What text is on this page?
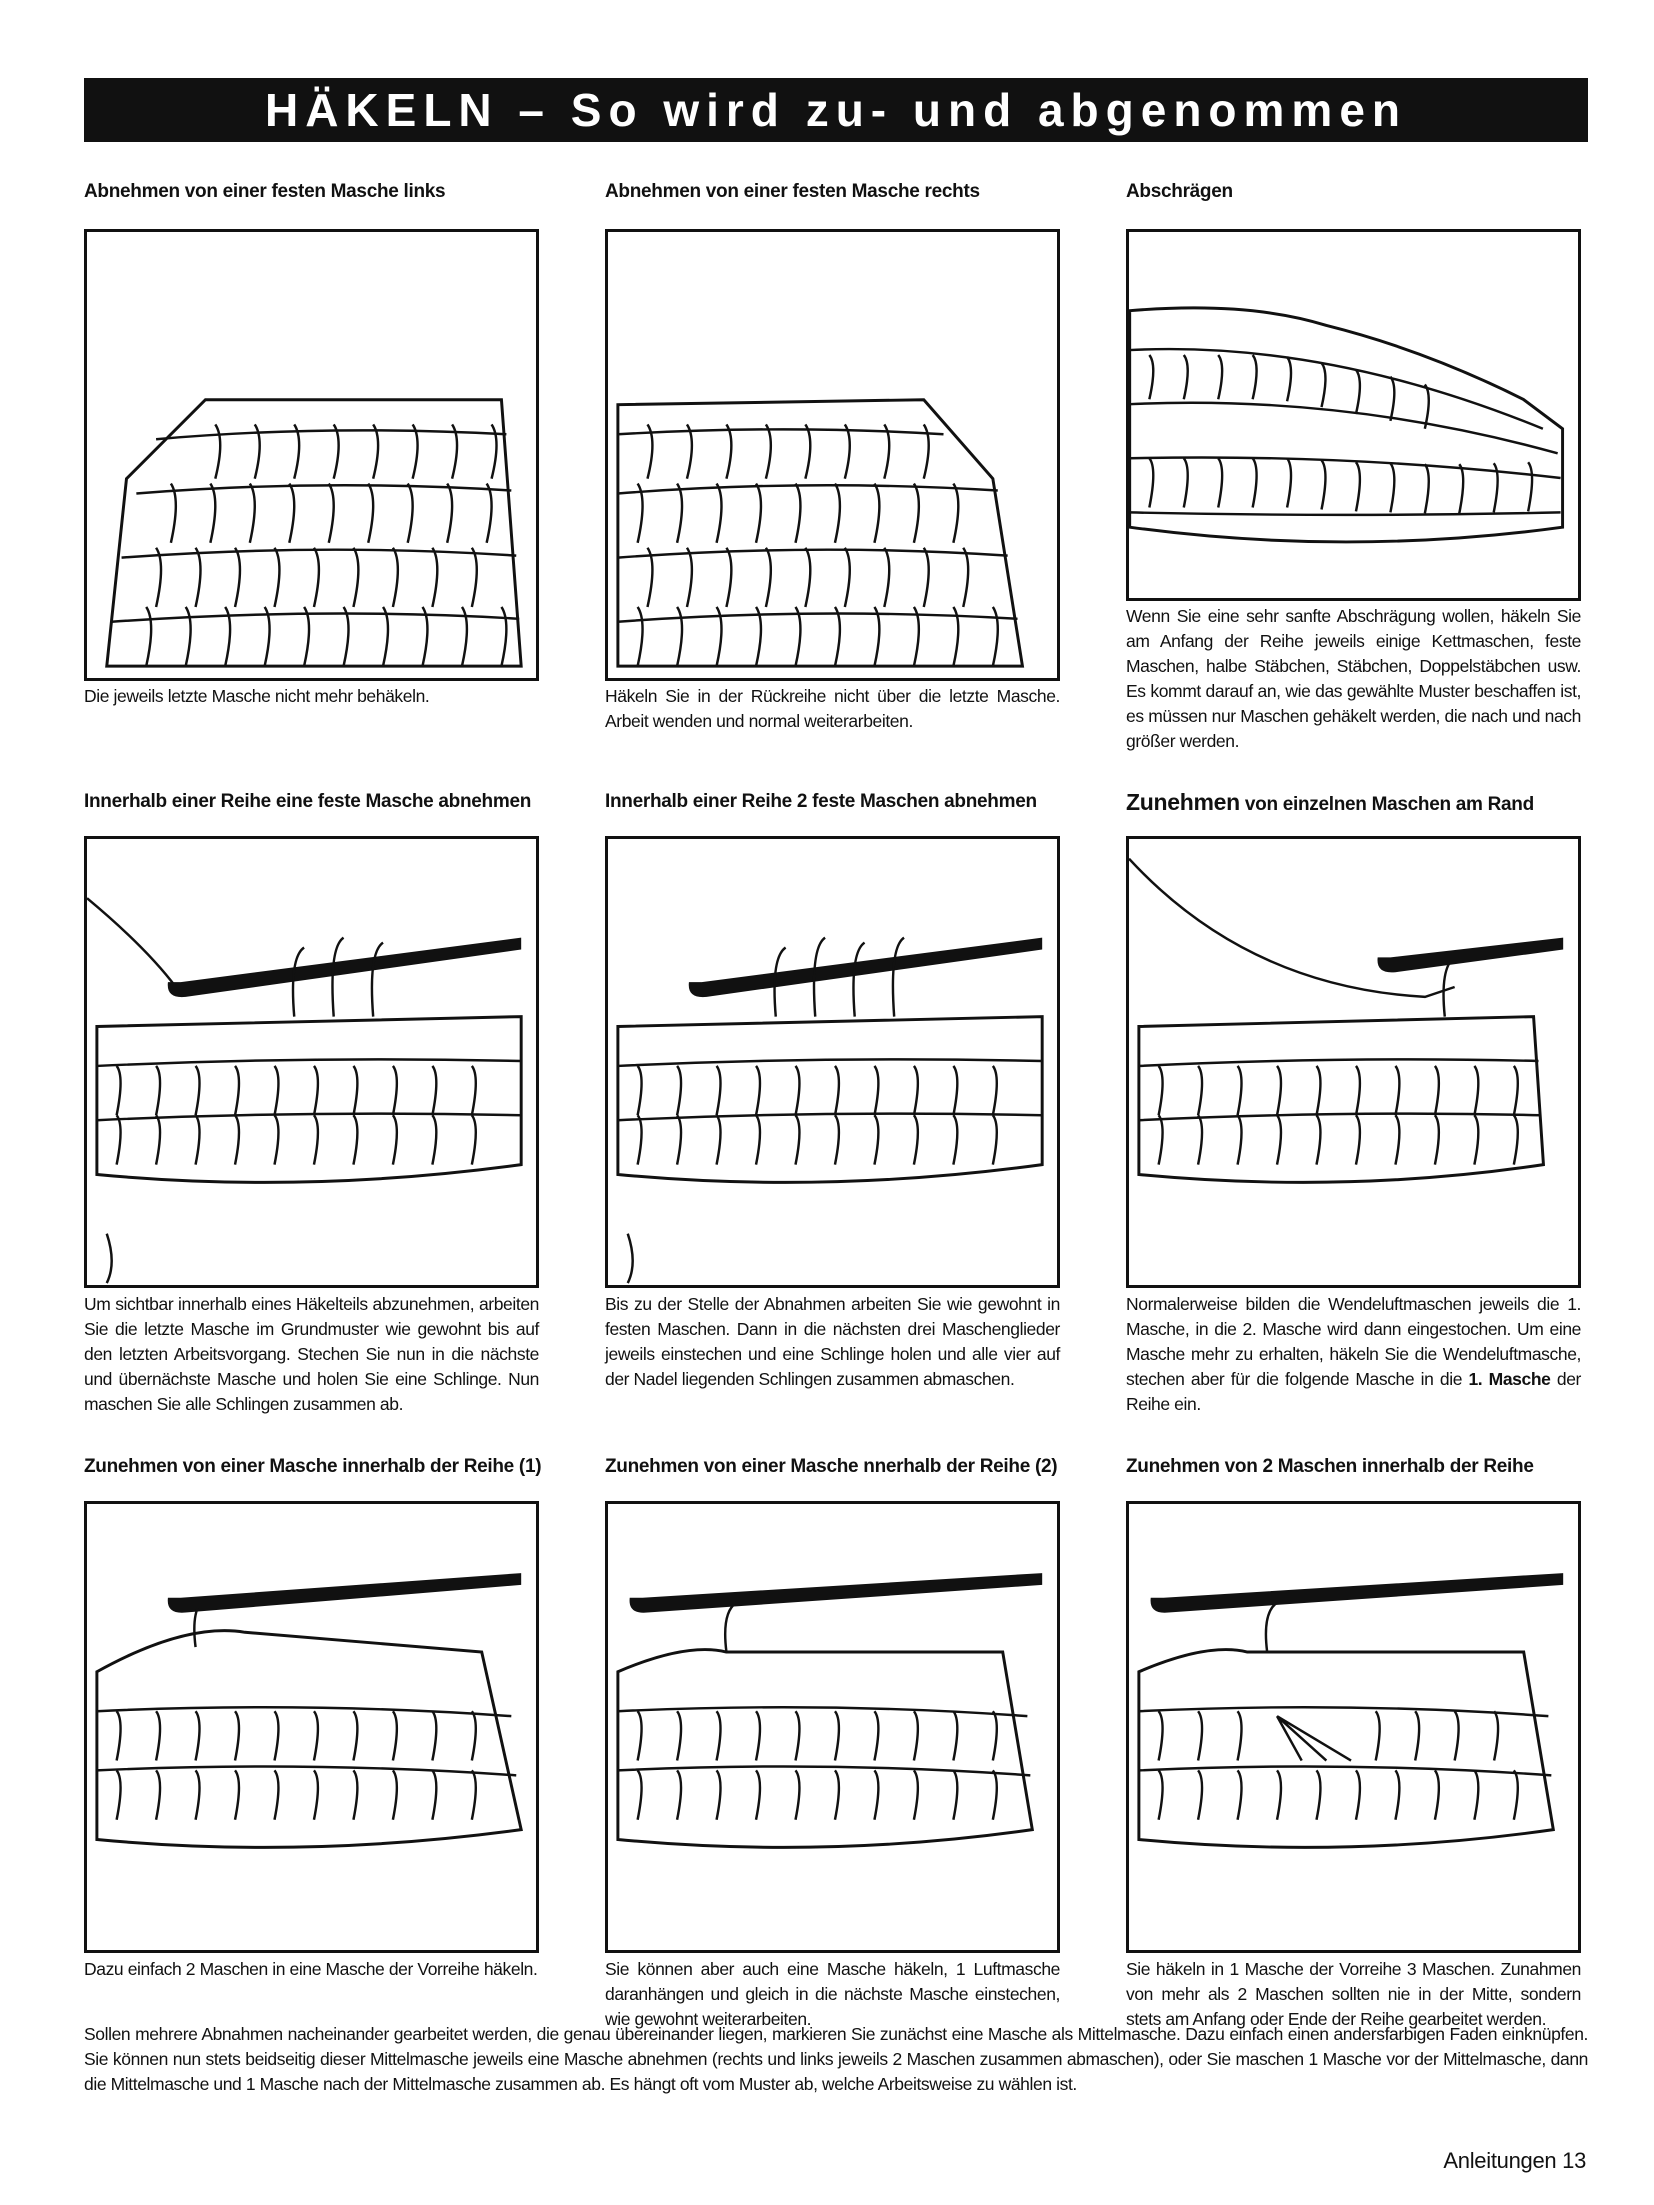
HÄKELN – So wird zu- und abgenommen
Abnehmen von einer festen Masche links
Die jeweils letzte Masche nicht mehr behäkeln.
Abnehmen von einer festen Masche rechts
Häkeln Sie in der Rückreihe nicht über die letzte Masche. Arbeit wenden und normal weiterarbeiten.
Abschrägen
Wenn Sie eine sehr sanfte Abschrägung wollen, häkeln Sie am Anfang der Reihe jeweils einige Kettmaschen, feste Maschen, halbe Stäbchen, Stäbchen, Doppelstäbchen usw. Es kommt darauf an, wie das gewählte Muster beschaffen ist, es müssen nur Maschen gehäkelt werden, die nach und nach größer werden.
Innerhalb einer Reihe eine feste Masche abnehmen
Um sichtbar innerhalb eines Häkelteils abzunehmen, arbeiten Sie die letzte Masche im Grundmuster wie gewohnt bis auf den letzten Arbeitsvorgang. Stechen Sie nun in die nächste und übernächste Masche und holen Sie eine Schlinge. Nun maschen Sie alle Schlingen zusammen ab.
Innerhalb einer Reihe 2 feste Maschen abnehmen
Bis zu der Stelle der Abnahmen arbeiten Sie wie gewohnt in festen Maschen. Dann in die nächsten drei Maschenglieder jeweils einstechen und eine Schlinge holen und alle vier auf der Nadel liegenden Schlingen zusammen abmaschen.
Zunehmen von einzelnen Maschen am Rand
Normalerweise bilden die Wendeluftmaschen jeweils die 1. Masche, in die 2. Masche wird dann eingestochen. Um eine Masche mehr zu erhalten, häkeln Sie die Wendeluftmasche, stechen aber für die folgende Masche in die 1. Masche der Reihe ein.
Zunehmen von einer Masche innerhalb der Reihe (1)
Dazu einfach 2 Maschen in eine Masche der Vorreihe häkeln.
Zunehmen von einer Masche nnerhalb der Reihe (2)
Sie können aber auch eine Masche häkeln, 1 Luftmasche daranhängen und gleich in die nächste Masche einstechen, wie gewohnt weiterarbeiten.
Zunehmen von 2 Maschen innerhalb der Reihe
Sie häkeln in 1 Masche der Vorreihe 3 Maschen. Zunahmen von mehr als 2 Maschen sollten nie in der Mitte, sondern stets am Anfang oder Ende der Reihe gearbeitet werden.
Sollen mehrere Abnahmen nacheinander gearbeitet werden, die genau übereinander liegen, markieren Sie zunächst eine Masche als Mittelmasche. Dazu einfach einen andersfarbigen Faden einknüpfen. Sie können nun stets beidseitig dieser Mittelmasche jeweils eine Masche abnehmen (rechts und links jeweils 2 Maschen zusammen abmaschen), oder Sie maschen 1 Masche vor der Mittelmasche, dann die Mittelmasche und 1 Masche nach der Mittelmasche zusammen ab. Es hängt oft vom Muster ab, welche Arbeitsweise zu wählen ist.
Anleitungen 13
